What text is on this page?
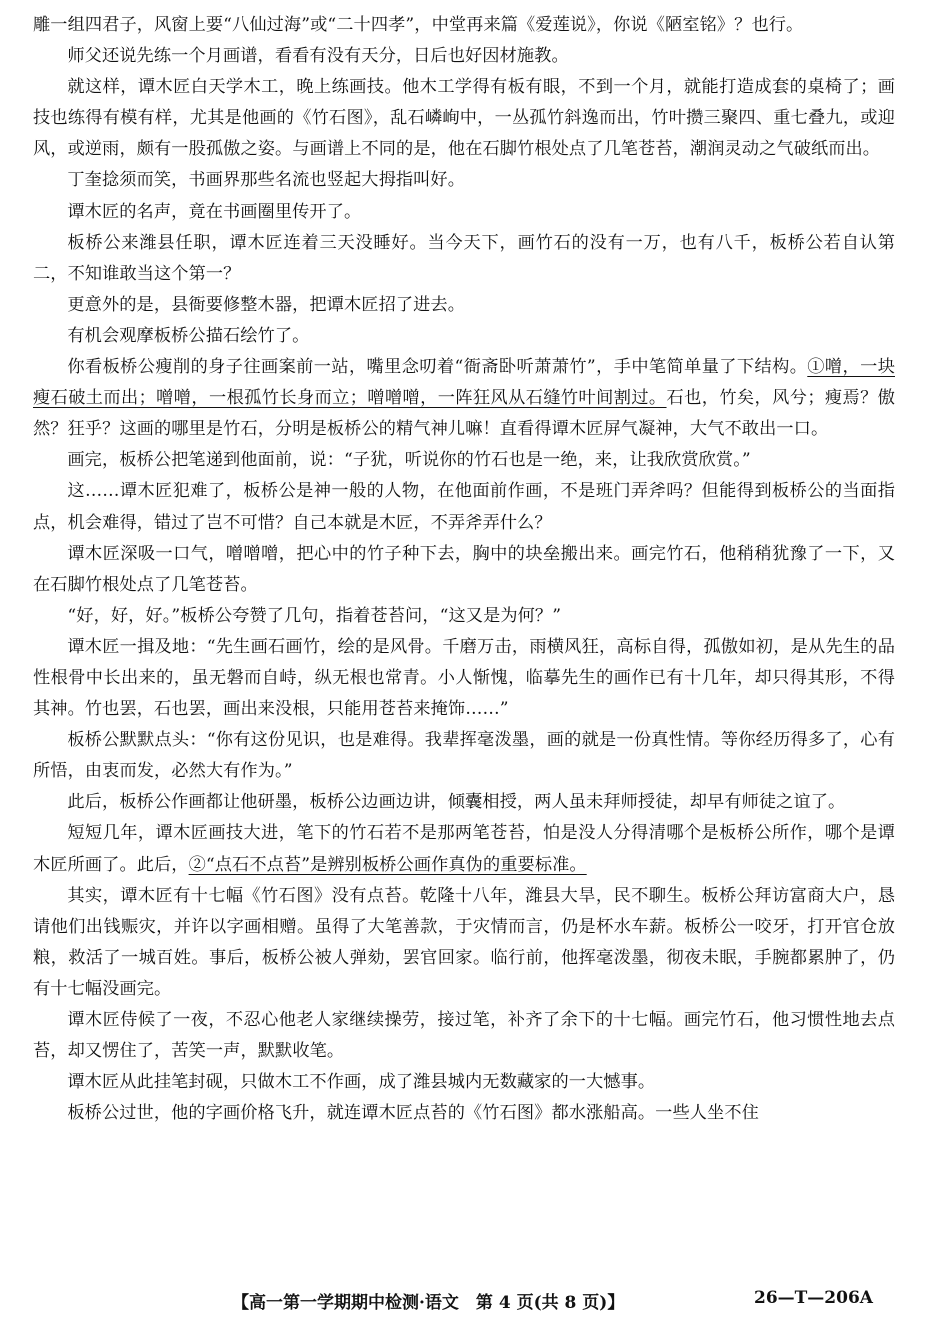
雕一组四君子，风窗上要“八仙过海”或“二十四孝”，中堂再来篇《爱莲说》，你说《陋室铭》？也行。

师父还说先练一个月画谱，看看有没有天分，日后也好因材施教。

就这样，谭木匠白天学木工，晚上练画技。他木工学得有板有眼，不到一个月，就能打造成套的桌椅了；画技也练得有模有样，尤其是他画的《竹石图》，乱石嶙峋中，一丛孤竹斜逸而出，竹叶攒三聚四、重七叠九，或迎风，或逆雨，颇有一股孤傲之姿。与画谱上不同的是，他在石脚竹根处点了几笔苍苔，潮润灵动之气破纸而出。

丁奎捻须而笑，书画界那些名流也竖起大拇指叫好。

谭木匠的名声，竟在书画圈里传开了。

板桥公来潍县任职，谭木匠连着三天没睡好。当今天下，画竹石的没有一万，也有八千，板桥公若自认第二，不知谁敢当这个第一？

更意外的是，县衙要修整木器，把谭木匠招了进去。

有机会观摩板桥公描石绘竹了。

你看板桥公瘦削的身子往画案前一站，嘴里念叨着“衙斋卧听萧萧竹”，手中笔简单量了下结构。①噌，一块瘦石破土而出；噌噌，一根孤竹长身而立；噌噌噌，一阵狂风从石缝竹叶间割过。石也，竹矣，风兮；瘦焉？傲然？狂乎？这画的哪里是竹石，分明是板桥公的精气神儿嘛！直看得谭木匠屏气凝神，大气不敢出一口。

画完，板桥公把笔递到他面前，说：“子犹，听说你的竹石也是一绝，来，让我欣赏欣赏。”

这……谭木匠犯难了，板桥公是神一般的人物，在他面前作画，不是班门弄斧吗？但能得到板桥公的当面指点，机会难得，错过了岂不可惜？自己本就是木匠，不弄斧弄什么？

谭木匠深吸一口气，噌噌噌，把心中的竹子种下去，胸中的块垒搬出来。画完竹石，他稍稍犹豫了一下，又在石脚竹根处点了几笔苍苔。

“好，好，好。”板桥公夸赞了几句，指着苍苔问，“这又是为何？”

谭木匠一揖及地：“先生画石画竹，绘的是风骨。千磨万击，雨横风狂，高标自得，孤傲如初，是从先生的品性根骨中长出来的，虽无磐而自峙，纵无根也常青。小人惭愧，临摹先生的画作已有十几年，却只得其形，不得其神。竹也罢，石也罢，画出来没根，只能用苍苔来掩饰……”

板桥公默默点头：“你有这份见识，也是难得。我辈挥毫泼墨，画的就是一份真性情。等你经历得多了，心有所悟，由衷而发，必然大有作为。”

此后，板桥公作画都让他研墨，板桥公边画边讲，倾囊相授，两人虽未拜师授徒，却早有师徒之谊了。

短短几年，谭木匠画技大进，笔下的竹石若不是那两笔苍苔，怕是没人分得清哪个是板桥公所作，哪个是谭木匠所画了。此后，②“点石不点苔”是辨别板桥公画作真伪的重要标准。

其实，谭木匠有十七幅《竹石图》没有点苔。乾隆十八年，潍县大旱，民不聊生。板桥公拜访富商大户，恳请他们出钱赈灾，并许以字画相赠。虽得了大笔善款，于灾情而言，仍是杯水车薪。板桥公一咬牙，打开官仓放粮，救活了一城百姓。事后，板桥公被人弹劾，罢官回家。临行前，他挥毫泼墨，彻夜未眠，手腕都累肿了，仍有十七幅没画完。

谭木匠侍候了一夜，不忍心他老人家继续操劳，接过笔，补齐了余下的十七幅。画完竹石，他习惯性地去点苔，却又愣住了，苦笑一声，默默收笔。

谭木匠从此挂笔封砚，只做木工不作画，成了潍县城内无数藏家的一大憾事。

板桥公过世，他的字画价格飞升，就连谭木匠点苔的《竹石图》都水涨船高。一些人坐不住

【高一第一学期期中检测·语文　第 4 页(共 8 页)】	26—T—206A
